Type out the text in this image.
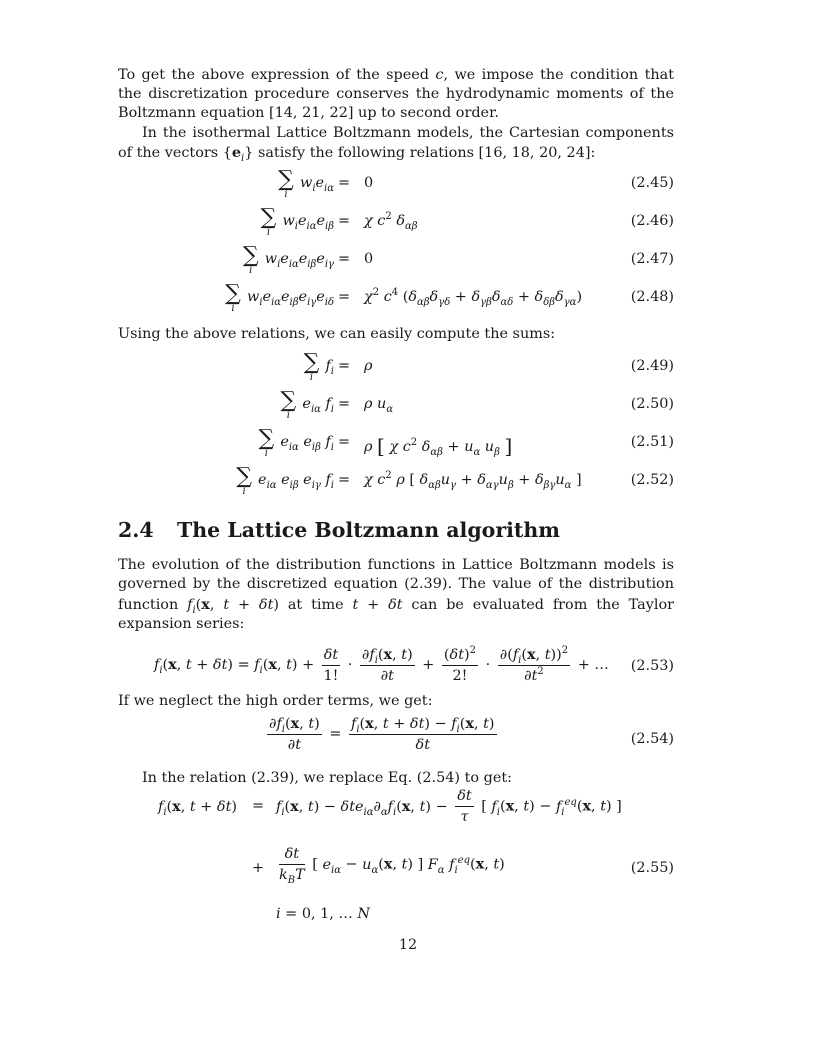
To get the above expression of the speed c, we impose the condition that the discretization procedure conserves the hydrodynamic moments of the Boltzmann equation [14, 21, 22] up to second order.

In the isothermal Lattice Boltzmann models, the Cartesian components of the vectors $\{e_i\}$ satisfy the following relations [16, 18, 20, 24]:

∑
i
$w_ie_{i\alpha} = 0$	(2.45)
∑
i
$w_ie_{i\alpha}e_{i\beta} = \chi$ $c^2$ $\delta_{\alpha\beta}$	(2.46)
∑
i
$w_ie_{i\alpha}e_{i\beta}e_{i\gamma} = 0$	(2.47)
∑
i
$w_ie_{i\alpha}e_{i\beta}e_{i\gamma}e_{i\delta} = \chi^2$ $c^4$ $(\delta_{\alpha\beta}\delta_{\gamma\delta} + \delta_{\gamma\beta}\delta_{\alpha\delta} + \delta_{\delta\beta}\delta_{\gamma\alpha})$	(2.48)

Using the above relations, we can easily compute the sums:

∑
i
$f_i = \rho$	(2.49)
∑
i
$e_{i\alpha}$ $f_i = \rho$ $u_\alpha$	(2.50)
∑
i
$e_{i\alpha}$ $e_{i\beta}$ $f_i = \rho$ [ χ $c^2$ $\delta_{\alpha\beta} + u_\alpha$ $u_\beta$ ]	(2.51)
∑
i
$e_{i\alpha}$ $e_{i\beta}$ $e_{i\gamma}$ $f_i = \chi$ $c^2$ ρ [ $\delta_{\alpha\beta}u_\gamma + \delta_{\alpha\gamma}u_\beta + \delta_{\beta\gamma}u_\alpha$ ]	(2.52)
2.4 The Lattice Boltzmann algorithm

The evolution of the distribution functions in Lattice Boltzmann models is governed by the discretized equation (2.39). The value of the distribution function $f_i(x$, t + δt) at time t + δt can be evaluated from the Taylor expansion series:

$f_i(x$, $t + \delta t) = f_i(x$, $t) + \frac{\delta t}{1!} \cdot \frac{\partial f_i(x, t)}{\partial t} + \frac{(\delta t)^2}{2!} \cdot \frac{\partial(f_i(x, t))^2}{\partial t^2}$ + … (2.53)

If we neglect the high order terms, we get:

$\frac{\partial f_i(x, t)}{\partial t} = \frac{f_i(x, t + \delta t) - f_i(x, t)}{\delta t}$	(2.54)

In the relation (2.39), we replace Eq. (2.54) to get:

$f_i(x$, $t + \delta t) = f_i(x$, $t) - \delta te_{i\alpha}\partial_\alpha f_i(x$, $t) - \frac{\delta t}{\tau}$ [ $f_i(x$, $t) - f_i^{eq}(x$, t) ]
+ $\frac{\delta t}{k_BT}$ [ $e_{i\alpha} - u_\alpha(x$, t) ] $F_\alpha$ $f_i^{eq}(x$, t)	(2.55)
i = 0, 1, … N
12
